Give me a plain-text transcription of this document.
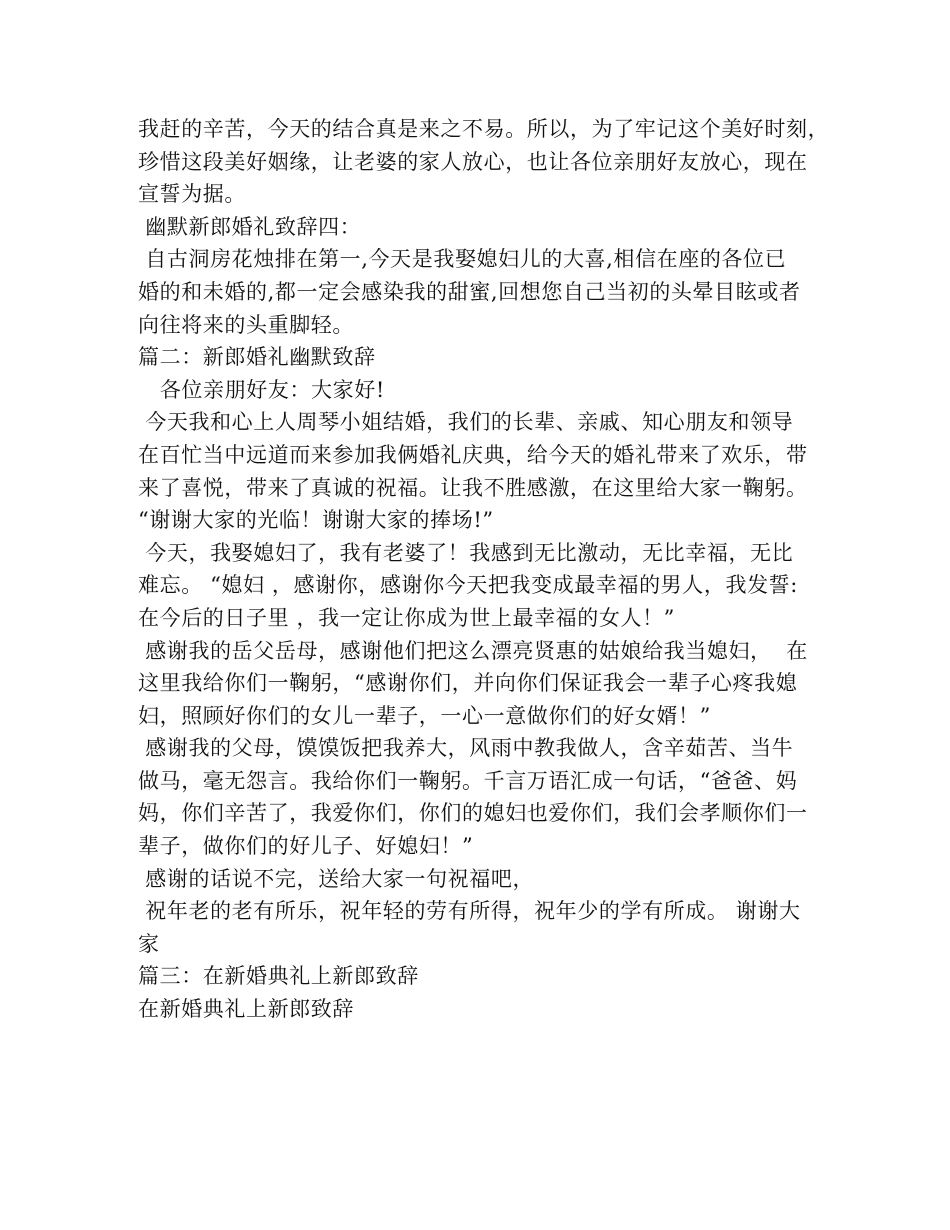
我赶的辛苦，今天的结合真是来之不易。所以，为了牢记这个美好时刻，

珍惜这段美好姻缘，让老婆的家人放心，也让各位亲朋好友放心，现在

宣誓为据。

幽默新郎婚礼致辞四：

自古洞房花烛排在第一,今天是我娶媳妇儿的大喜,相信在座的各位已

婚的和未婚的,都一定会感染我的甜蜜,回想您自己当初的头晕目眩或者

向往将来的头重脚轻。

篇二：新郎婚礼幽默致辞

各位亲朋好友：大家好!

今天我和心上人周琴小姐结婚，我们的长辈、亲戚、知心朋友和领导

在百忙当中远道而来参加我俩婚礼庆典，给今天的婚礼带来了欢乐，带

来了喜悦，带来了真诚的祝福。让我不胜感激，在这里给大家一鞠躬。

“谢谢大家的光临！谢谢大家的捧场!”

今天，我娶媳妇了，我有老婆了！我感到无比激动，无比幸福，无比

难忘。 “媳妇 ，感谢你，感谢你今天把我变成最幸福的男人，我发誓:

在今后的日子里 ，我一定让你成为世上最幸福的女人！”

感谢我的岳父岳母，感谢他们把这么漂亮贤惠的姑娘给我当媳妇，  在

这里我给你们一鞠躬，“感谢你们，并向你们保证我会一辈子心疼我媳

妇，照顾好你们的女儿一辈子，一心一意做你们的好女婿！”

感谢我的父母，馍馍饭把我养大，风雨中教我做人，含辛茹苦、当牛

做马，毫无怨言。我给你们一鞠躬。千言万语汇成一句话，“爸爸、妈

妈，你们辛苦了，我爱你们，你们的媳妇也爱你们，我们会孝顺你们一

辈子，做你们的好儿子、好媳妇！”

感谢的话说不完，送给大家一句祝福吧，

祝年老的老有所乐，祝年轻的劳有所得，祝年少的学有所成。 谢谢大

家

篇三：在新婚典礼上新郎致辞

在新婚典礼上新郎致辞
